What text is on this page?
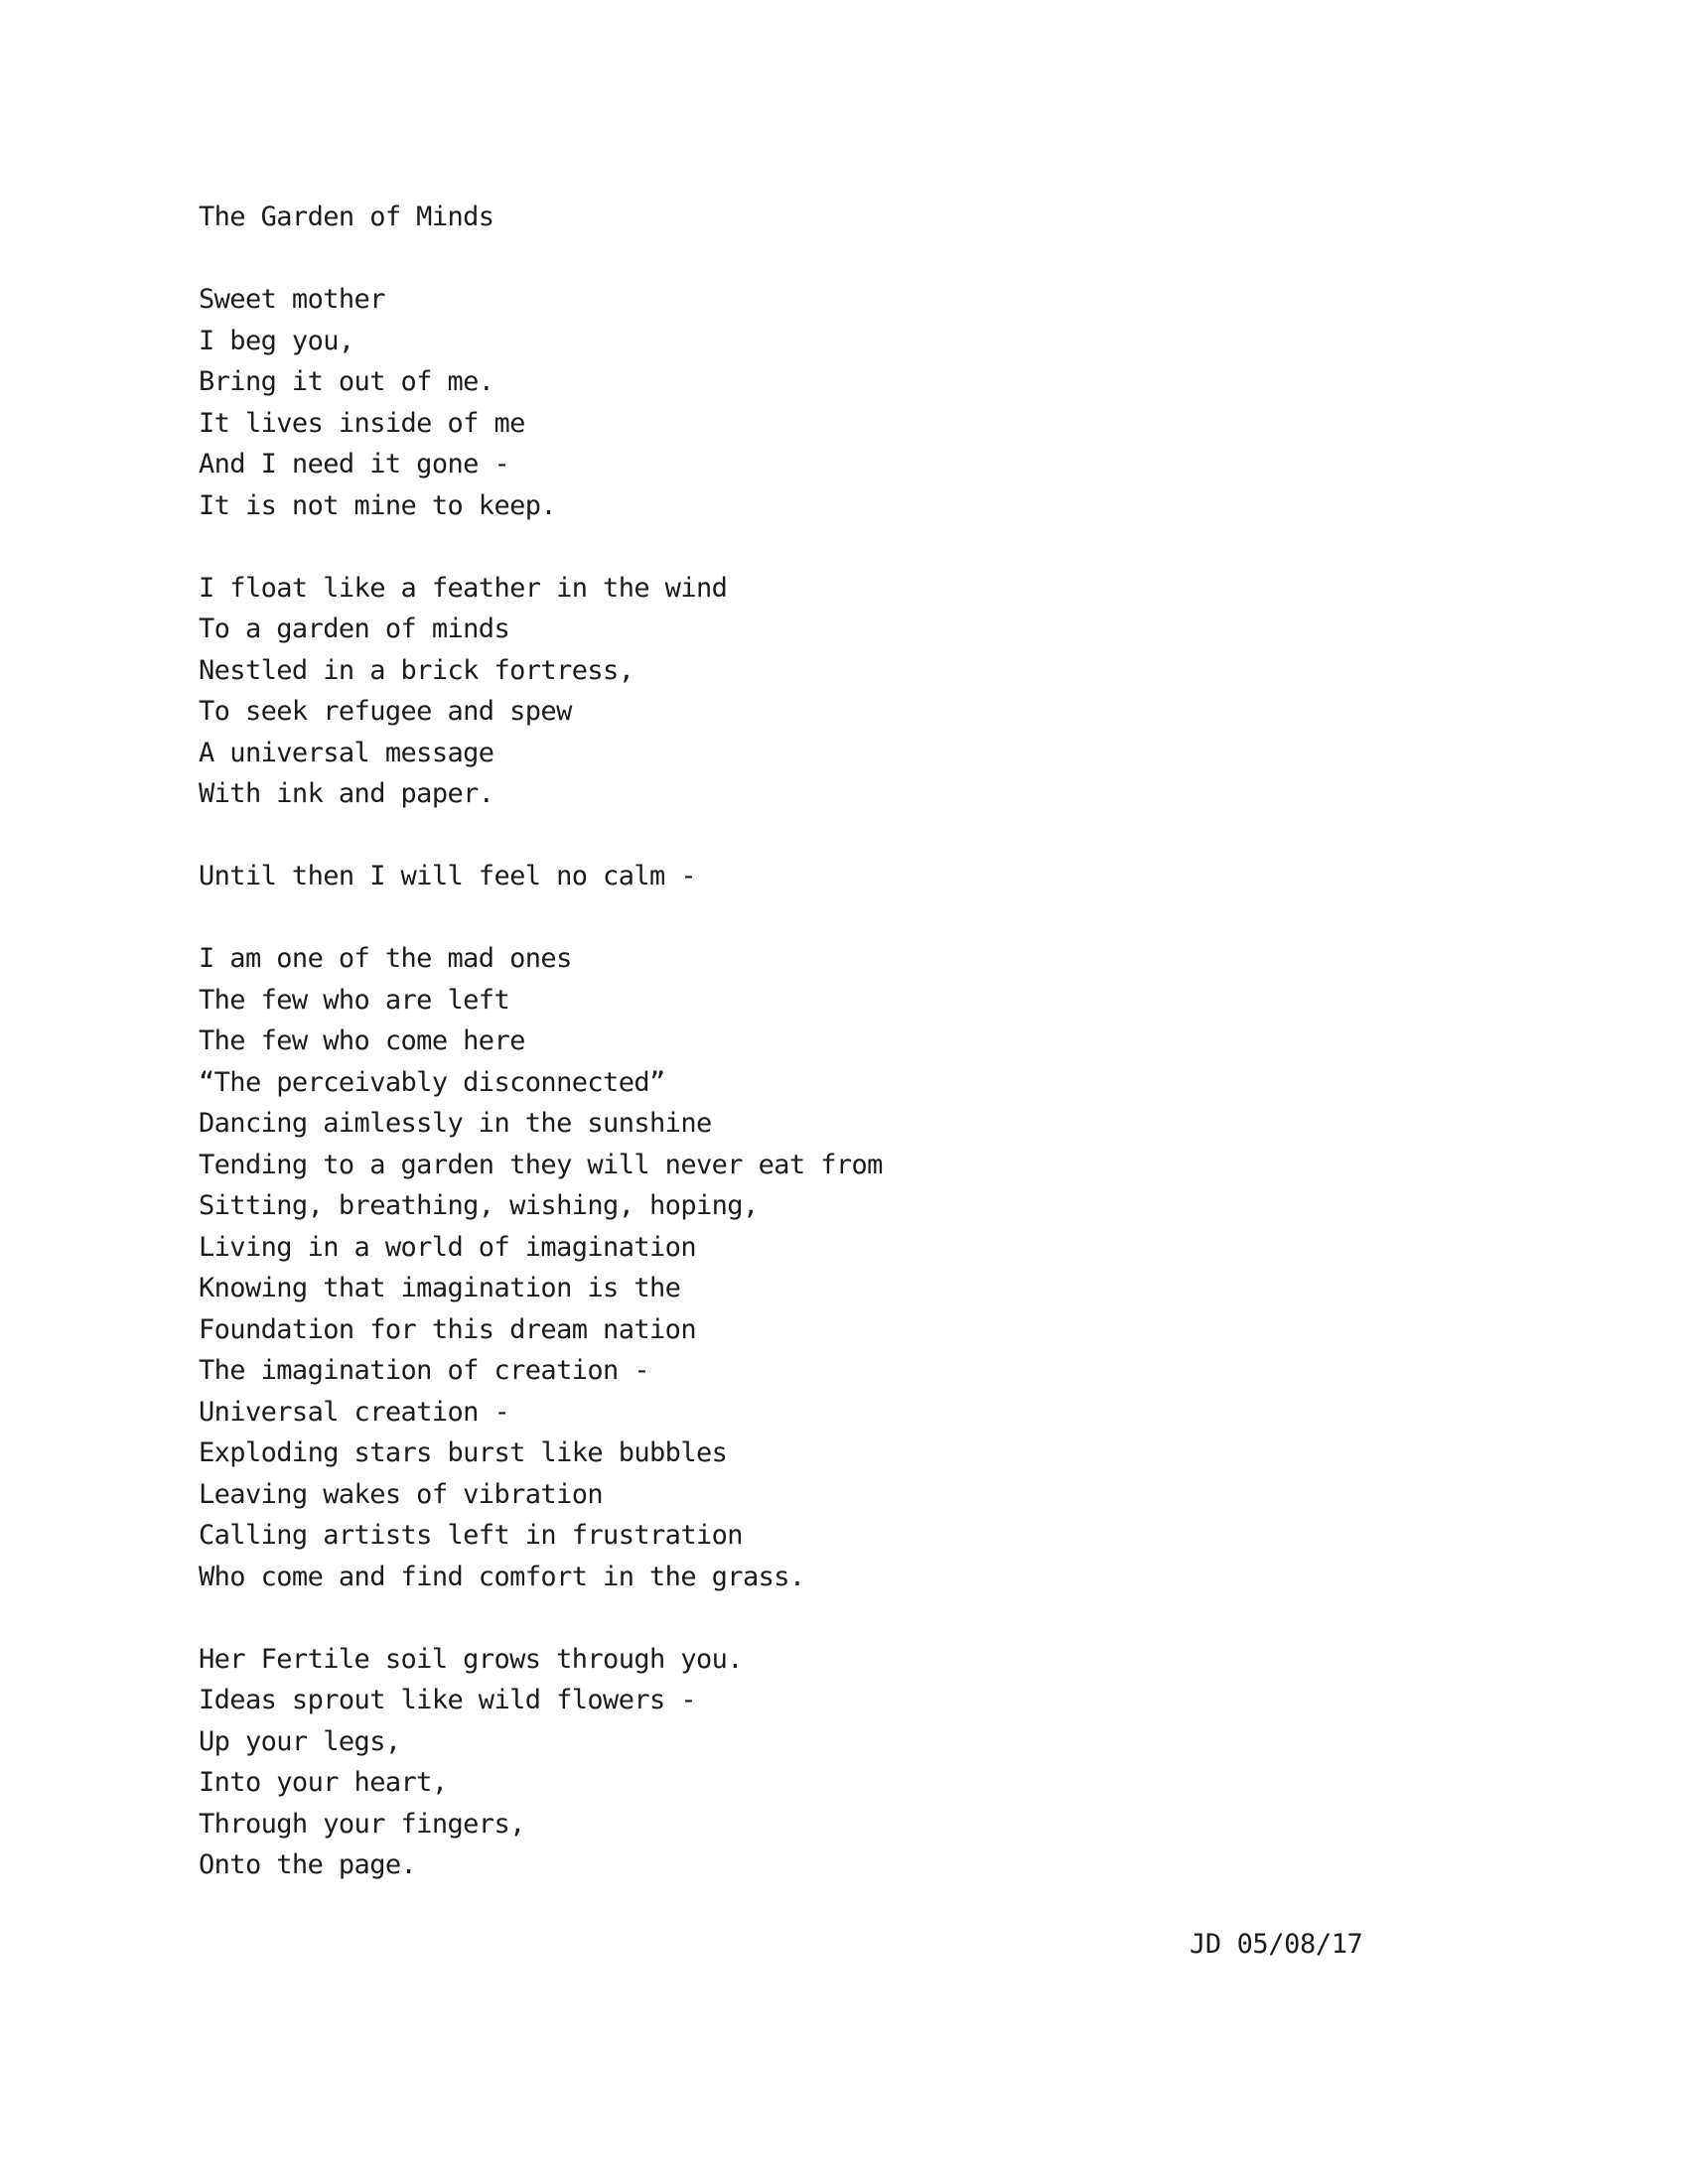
The Garden of Minds
Sweet mother
I beg you,
Bring it out of me.
It lives inside of me
And I need it gone -
It is not mine to keep.
I float like a feather in the wind
To a garden of minds
Nestled in a brick fortress,
To seek refugee and spew
A universal message
With ink and paper.
Until then I will feel no calm -
I am one of the mad ones
The few who are left
The few who come here
“The perceivably disconnected”
Dancing aimlessly in the sunshine
Tending to a garden they will never eat from
Sitting, breathing, wishing, hoping,
Living in a world of imagination
Knowing that imagination is the
Foundation for this dream nation
The imagination of creation -
Universal creation -
Exploding stars burst like bubbles
Leaving wakes of vibration
Calling artists left in frustration
Who come and find comfort in the grass.
Her Fertile soil grows through you.
Ideas sprout like wild flowers -
Up your legs,
Into your heart,
Through your fingers,
Onto the page.
JD 05/08/17
